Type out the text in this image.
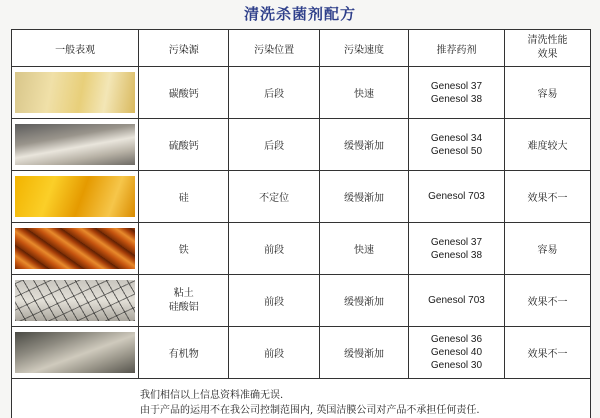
清洗杀菌剂配方
一般表观	污染源	污染位置	污染速度	推荐药剂	清洗性能
效果

	碳酸钙	后段	快速	Genesol 37
Genesol 38	容易

	硫酸钙	后段	缓慢渐加	Genesol 34
Genesol 50	难度较大

	硅	不定位	缓慢渐加	Genesol 703	效果不一

	铁	前段	快速	Genesol 37
Genesol 38	容易

	粘土
硅酸铝	前段	缓慢渐加	Genesol 703	效果不一

	有机物	前段	缓慢渐加	Genesol 36
Genesol 40
Genesol 30	效果不一

我们相信以上信息资料准确无误.
由于产品的运用不在我公司控制范围内, 英国洁膜公司对产品不承担任何责任.					
